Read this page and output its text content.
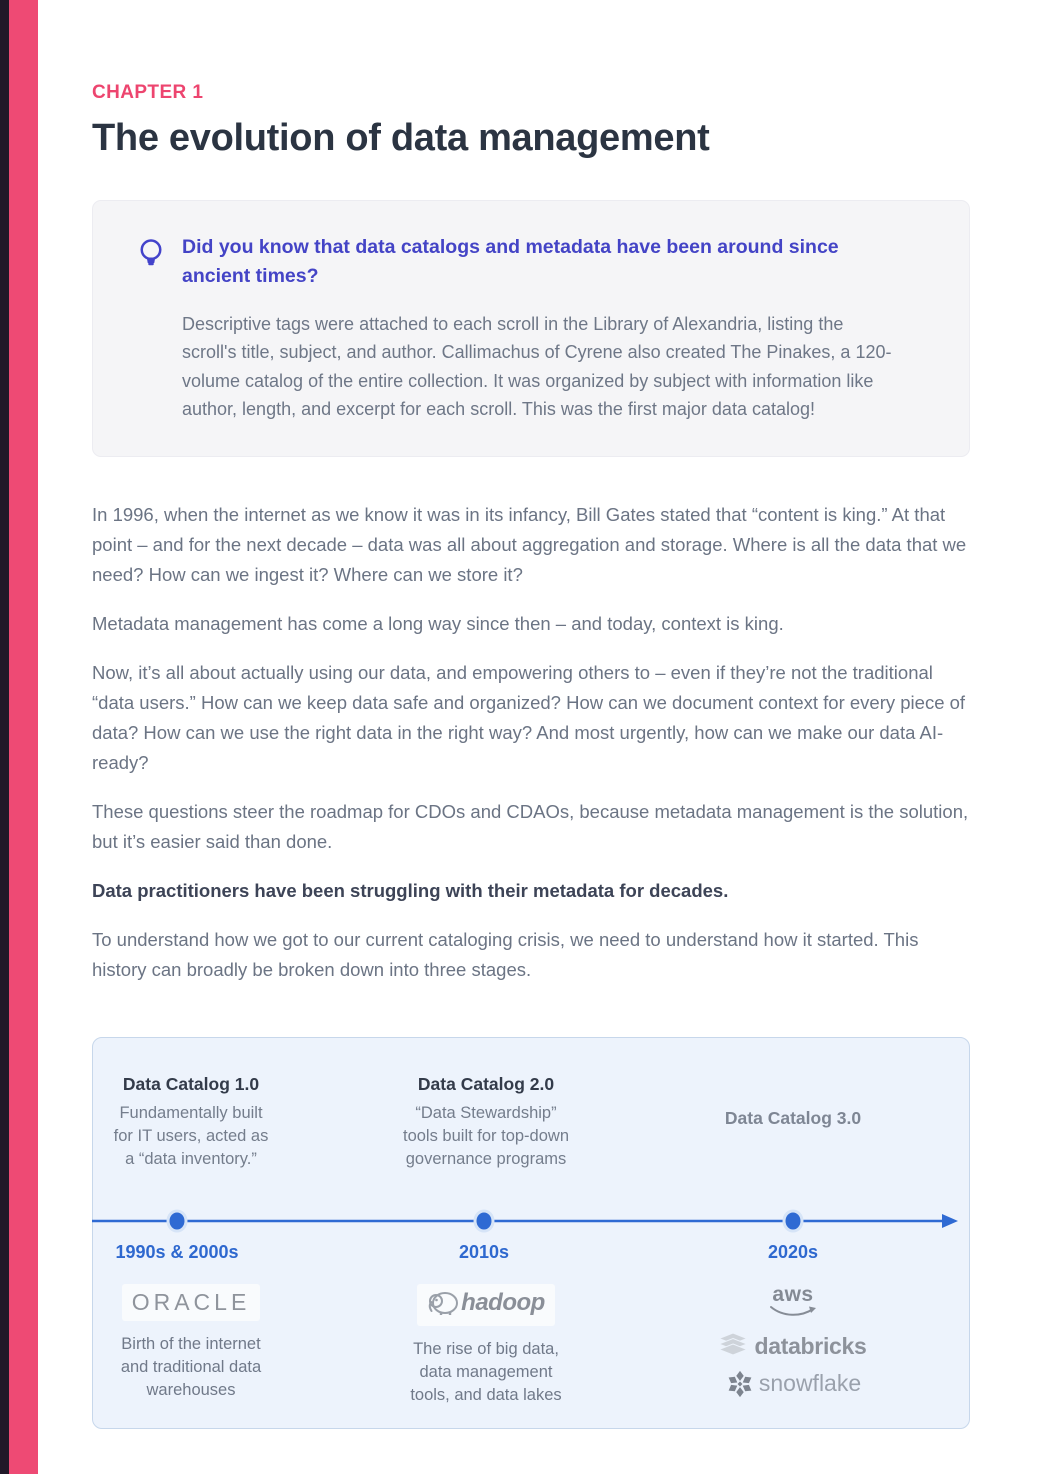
CHAPTER 1
The evolution of data management
Did you know that data catalogs and metadata have been around since ancient times?
Descriptive tags were attached to each scroll in the Library of Alexandria, listing the scroll's title, subject, and author. Callimachus of Cyrene also created The Pinakes, a 120-volume catalog of the entire collection. It was organized by subject with information like author, length, and excerpt for each scroll. This was the first major data catalog!

In 1996, when the internet as we know it was in its infancy, Bill Gates stated that “content is king.” At that point – and for the next decade – data was all about aggregation and storage. Where is all the data that we need? How can we ingest it? Where can we store it?

Metadata management has come a long way since then – and today, context is king.

Now, it’s all about actually using our data, and empowering others to – even if they’re not the traditional “data users.” How can we keep data safe and organized? How can we document context for every piece of data? How can we use the right data in the right way? And most urgently, how can we make our data AI-ready?

These questions steer the roadmap for CDOs and CDAOs, because metadata management is the solution, but it’s easier said than done.

Data practitioners have been struggling with their metadata for decades.

To understand how we got to our current cataloging crisis, we need to understand how it started. This history can broadly be broken down into three stages.

Data Catalog 1.0
Fundamentally built
for IT users, acted as
a “data inventory.”
Data Catalog 2.0
“Data Stewardship”
tools built for top-down
governance programs
Data Catalog 3.0
1990s & 2000s	2010s	2020s
ORACLE
Birth of the internet
and traditional data
warehouses
hadoop
The rise of big data,
data management
tools, and data lakes
aws
databricks
snowflake
